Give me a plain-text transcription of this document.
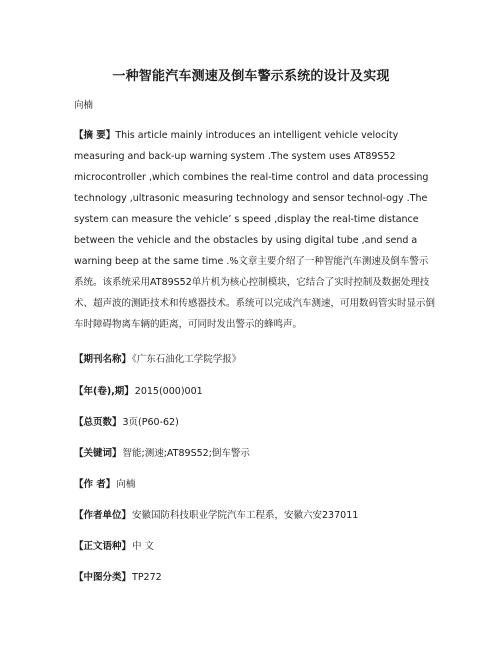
一种智能汽车测速及倒车警示系统的设计及实现
向楠
【摘 要】This article mainly introduces an intelligent vehicle velocity measuring and back-up warning system .The system uses AT89S52 microcontroller ,which combines the real-time control and data processing technology ,ultrasonic measuring technology and sensor technol-ogy .The system can measure the vehicle’ s speed ,display the real-time distance between the vehicle and the obstacles by using digital tube ,and send a warning beep at the same time .%文章主要介绍了一种智能汽车测速及倒车警示系统。该系统采用AT89S52单片机为核心控制模块，它结合了实时控制及数据处理技术、超声波的测距技术和传感器技术。系统可以完成汽车测速，可用数码管实时显示倒车时障碍物离车辆的距离，可同时发出警示的蜂鸣声。
【期刊名称】《广东石油化工学院学报》
【年(卷),期】2015(000)001
【总页数】3页(P60-62)
【关键词】智能;测速;AT89S52;倒车警示
【作 者】向楠
【作者单位】安徽国防科技职业学院汽车工程系，安徽六安237011
【正文语种】中 文
【中图分类】TP272
